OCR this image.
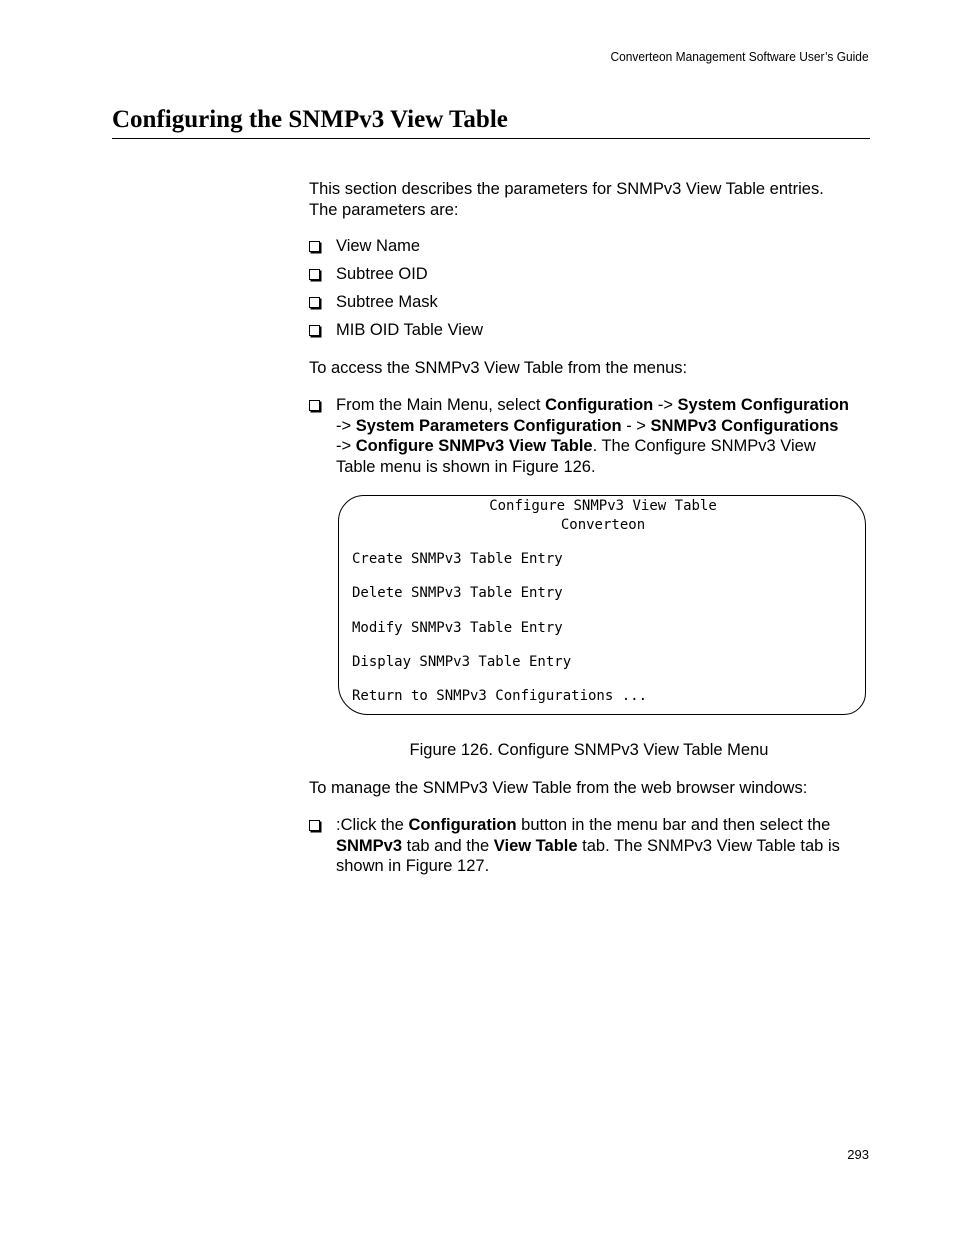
Converteon Management Software User’s Guide
Configuring the SNMPv3 View Table

This section describes the parameters for SNMPv3 View Table entries.
The parameters are:

View Name
Subtree OID
Subtree Mask
MIB OID Table View

To access the SNMPv3 View Table from the menus:

From the Main Menu, select Configuration -> System Configuration
-> System Parameters Configuration - > SNMPv3 Configurations
-> Configure SNMPv3 View Table. The Configure SNMPv3 View
Table menu is shown in Figure 126.
Configure SNMPv3 View Table
Converteon
Create SNMPv3 Table Entry
Delete SNMPv3 Table Entry
Modify SNMPv3 Table Entry
Display SNMPv3 Table Entry
Return to SNMPv3 Configurations ...
Figure 126. Configure SNMPv3 View Table Menu

To manage the SNMPv3 View Table from the web browser windows:

:Click the Configuration button in the menu bar and then select the
SNMPv3 tab and the View Table tab. The SNMPv3 View Table tab is
shown in Figure 127.
293
